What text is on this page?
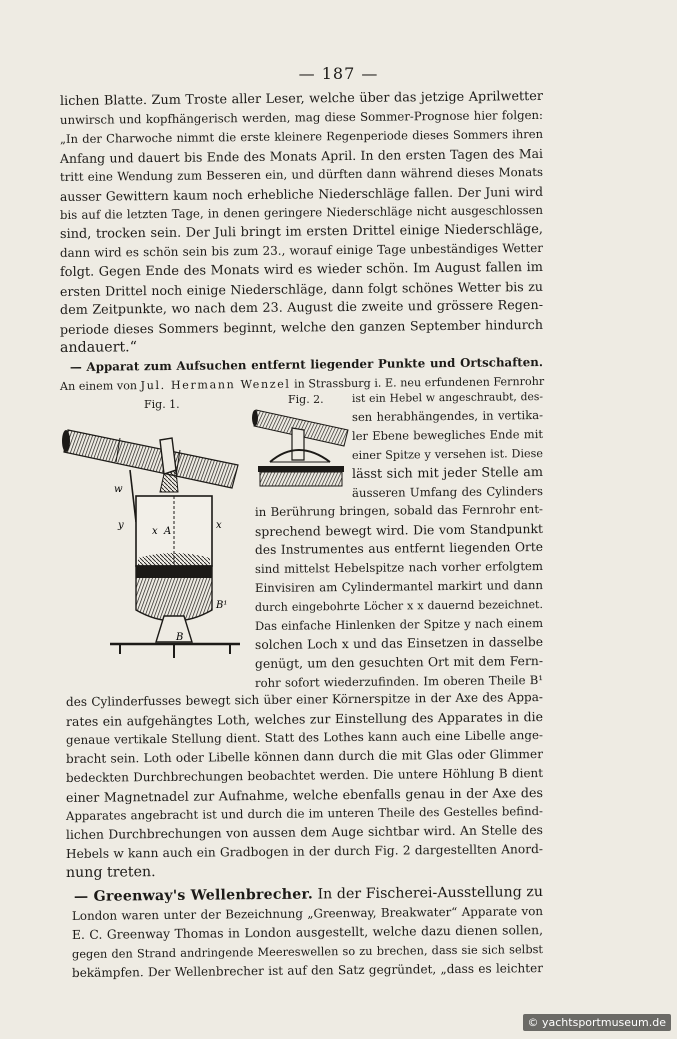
— 187 —
lichen Blatte. Zum Troste aller Leser, welche über das jetzige Aprilwetter
unwirsch und kopfhängerisch werden, mag diese Sommer-Prognose hier folgen:
„In der Charwoche nimmt die erste kleinere Regenperiode dieses Sommers ihren
Anfang und dauert bis Ende des Monats April. In den ersten Tagen des Mai
tritt eine Wendung zum Besseren ein, und dürften dann während dieses Monats
ausser Gewittern kaum noch erhebliche Niederschläge fallen. Der Juni wird
bis auf die letzten Tage, in denen geringere Niederschläge nicht ausgeschlossen
sind, trocken sein. Der Juli bringt im ersten Drittel einige Niederschläge,
dann wird es schön sein bis zum 23., worauf einige Tage unbeständiges Wetter
folgt. Gegen Ende des Monats wird es wieder schön. Im August fallen im
ersten Drittel noch einige Niederschläge, dann folgt schönes Wetter bis zu
dem Zeitpunkte, wo nach dem 23. August die zweite und grössere Regen-
periode dieses Sommers beginnt, welche den ganzen September hindurch
andauert.“
— Apparat zum Aufsuchen entfernt liegender Punkte und Ortschaften.
An einem von Jul. Hermann Wenzel in Strassburg i. E. neu erfundenen Fernrohr
Fig. 1.	Fig. 2.
w
y	x
x A
B¹
B
ist ein Hebel w angeschraubt, des-
sen herabhängendes, in vertika-
ler Ebene bewegliches Ende mit
einer Spitze y versehen ist. Diese
lässt sich mit jeder Stelle am
äusseren Umfang des Cylinders
in Berührung bringen, sobald das Fernrohr ent-
sprechend bewegt wird. Die vom Standpunkt
des Instrumentes aus entfernt liegenden Orte
sind mittelst Hebelspitze nach vorher erfolgtem
Einvisiren am Cylindermantel markirt und dann
durch eingebohrte Löcher x x dauernd bezeichnet.
Das einfache Hinlenken der Spitze y nach einem
solchen Loch x und das Einsetzen in dasselbe
genügt, um den gesuchten Ort mit dem Fern-
rohr sofort wiederzufinden. Im oberen Theile B¹
des Cylinderfusses bewegt sich über einer Körnerspitze in der Axe des Appa-
rates ein aufgehängtes Loth, welches zur Einstellung des Apparates in die
genaue vertikale Stellung dient. Statt des Lothes kann auch eine Libelle ange-
bracht sein. Loth oder Libelle können dann durch die mit Glas oder Glimmer
bedeckten Durchbrechungen beobachtet werden. Die untere Höhlung B dient
einer Magnetnadel zur Aufnahme, welche ebenfalls genau in der Axe des
Apparates angebracht ist und durch die im unteren Theile des Gestelles befind-
lichen Durchbrechungen von aussen dem Auge sichtbar wird. An Stelle des
Hebels w kann auch ein Gradbogen in der durch Fig. 2 dargestellten Anord-
nung treten.
— Greenway's Wellenbrecher. In der Fischerei-Ausstellung zu
London waren unter der Bezeichnung „Greenway, Breakwater“ Apparate von
E. C. Greenway Thomas in London ausgestellt, welche dazu dienen sollen,
gegen den Strand andringende Meereswellen so zu brechen, dass sie sich selbst
bekämpfen. Der Wellenbrecher ist auf den Satz gegründet, „dass es leichter
© yachtsportmuseum.de
